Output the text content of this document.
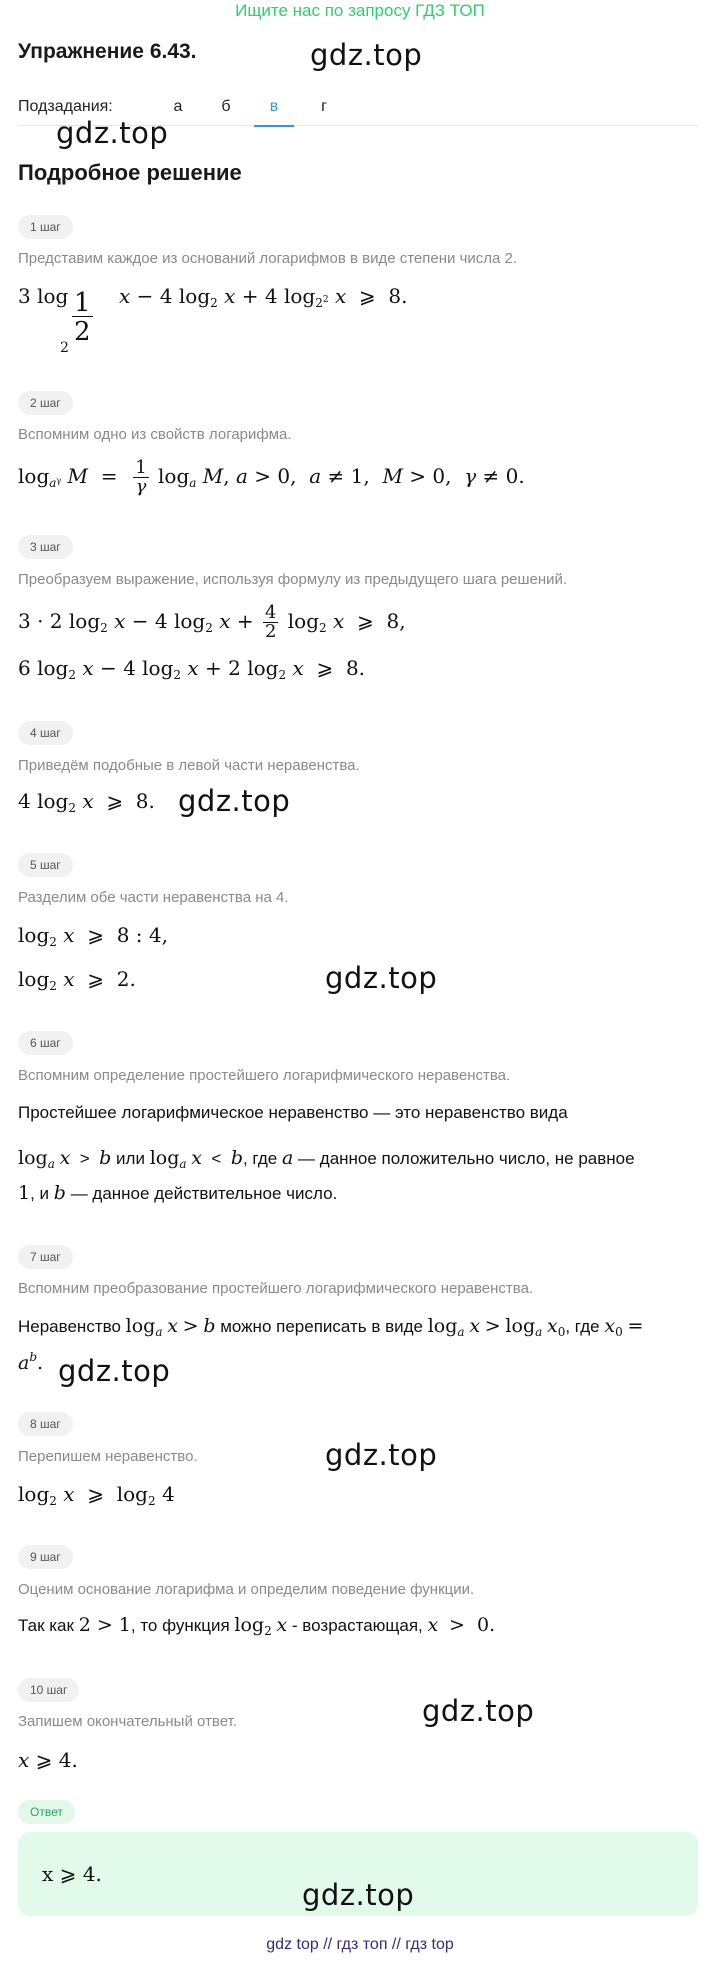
Ищите нас по запросу ГДЗ ТОП
gdz.top
Упражнение 6.43.
Подзадания:	а	б	в	г
gdz.top
Подробное решение
1 шаг
Представим каждое из оснований логарифмов в виде степени числа 2.
3 log  x − 4 $\log_2 x + 4$ $\log_{2^2} x$  ⩾  8.
2
1
2
2 шаг
Вспомним одно из свойств логарифма.
$\log_{a^\gamma} M = \frac{1}{\gamma} \log_a M$, a > 0,  a ≠ 1,  M > 0,  γ ≠ 0.
3 шаг
Преобразуем выражение, используя формулу из предыдущего шага решений.
3 · 2 $\log_2 x - 4$ $\log_2 x + \frac{4}{2} \log_2 x$  ⩾  8,
6 $\log_2 x - 4$ $\log_2 x + 2$ $\log_2 x$  ⩾  8.
4 шаг
Приведём подобные в левой части неравенства.
4 $\log_2 x$  ⩾  8. gdz.top
5 шаг
Разделим обе части неравенства на 4.
$\log_2 x$  ⩾  8 : 4,
$\log_2 x$  ⩾  2.	gdz.top
6 шаг
Вспомним определение простейшего логарифмического неравенства.
Простейшее логарифмическое неравенство — это неравенство вида
$\log_a x > b$ или $\log_a x < b$, где a — данное положительно число, не равное
1, и b — данное действительное число.
7 шаг
Вспомним преобразование простейшего логарифмического неравенства.
Неравенство $\log_a x > b$ можно переписать в виде $\log_a x > \log_a x_0$, где $x_0$ =
$a^b$. gdz.top
8 шаг
Перепишем неравенство.
$\log_2 x$  ⩾  $\log_2 4$
gdz.top
9 шаг
Оценим основание логарифма и определим поведение функции.
Так как 2 > 1, то функция $\log_2 x$ - возрастающая, x  >  0.
10 шаг
Запишем окончательный ответ.
x ⩾ 4.
gdz.top
Ответ
x ⩾ 4.
gdz.top
gdz top // гдз топ // гдз top
